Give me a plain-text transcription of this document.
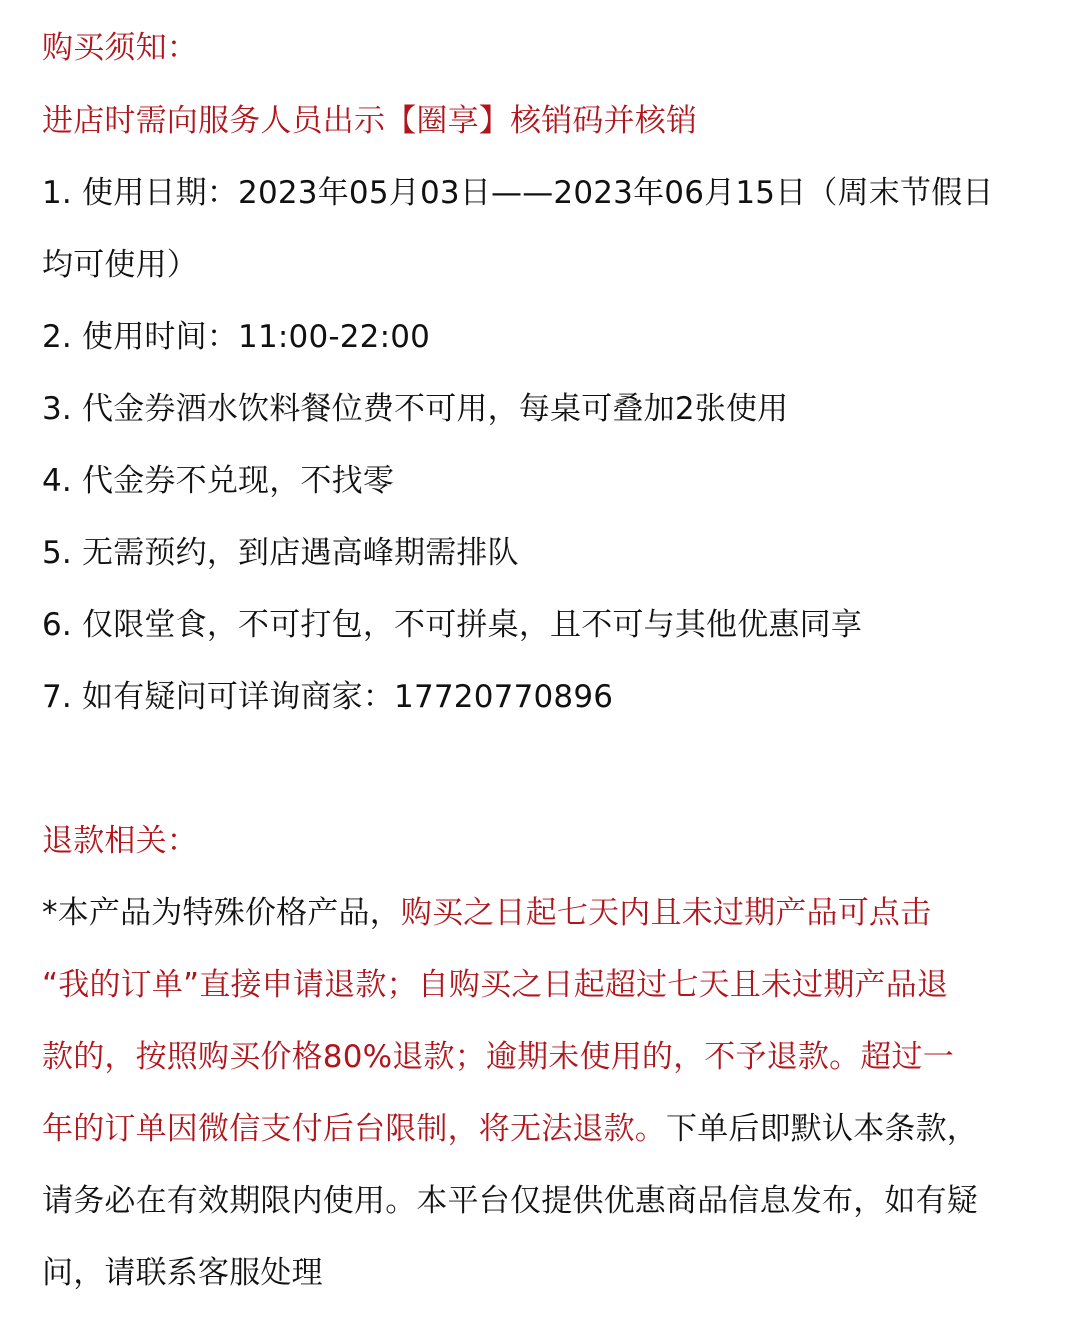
购买须知：
进店时需向服务人员出示【圈享】核销码并核销
1. 使用日期：2023年05月03日——2023年06月15日（周末节假日
均可使用）
2. 使用时间：11:00-22:00
3. 代金券酒水饮料餐位费不可用，每桌可叠加2张使用
4. 代金券不兑现，不找零
5. 无需预约，到店遇高峰期需排队
6. 仅限堂食，不可打包，不可拼桌，且不可与其他优惠同享
7. 如有疑问可详询商家：17720770896
退款相关：
*本产品为特殊价格产品，购买之日起七天内且未过期产品可点击
“我的订单”直接申请退款；自购买之日起超过七天且未过期产品退
款的，按照购买价格80%退款；逾期未使用的，不予退款。超过一
年的订单因微信支付后台限制，将无法退款。下单后即默认本条款，
请务必在有效期限内使用。本平台仅提供优惠商品信息发布，如有疑
问，请联系客服处理
